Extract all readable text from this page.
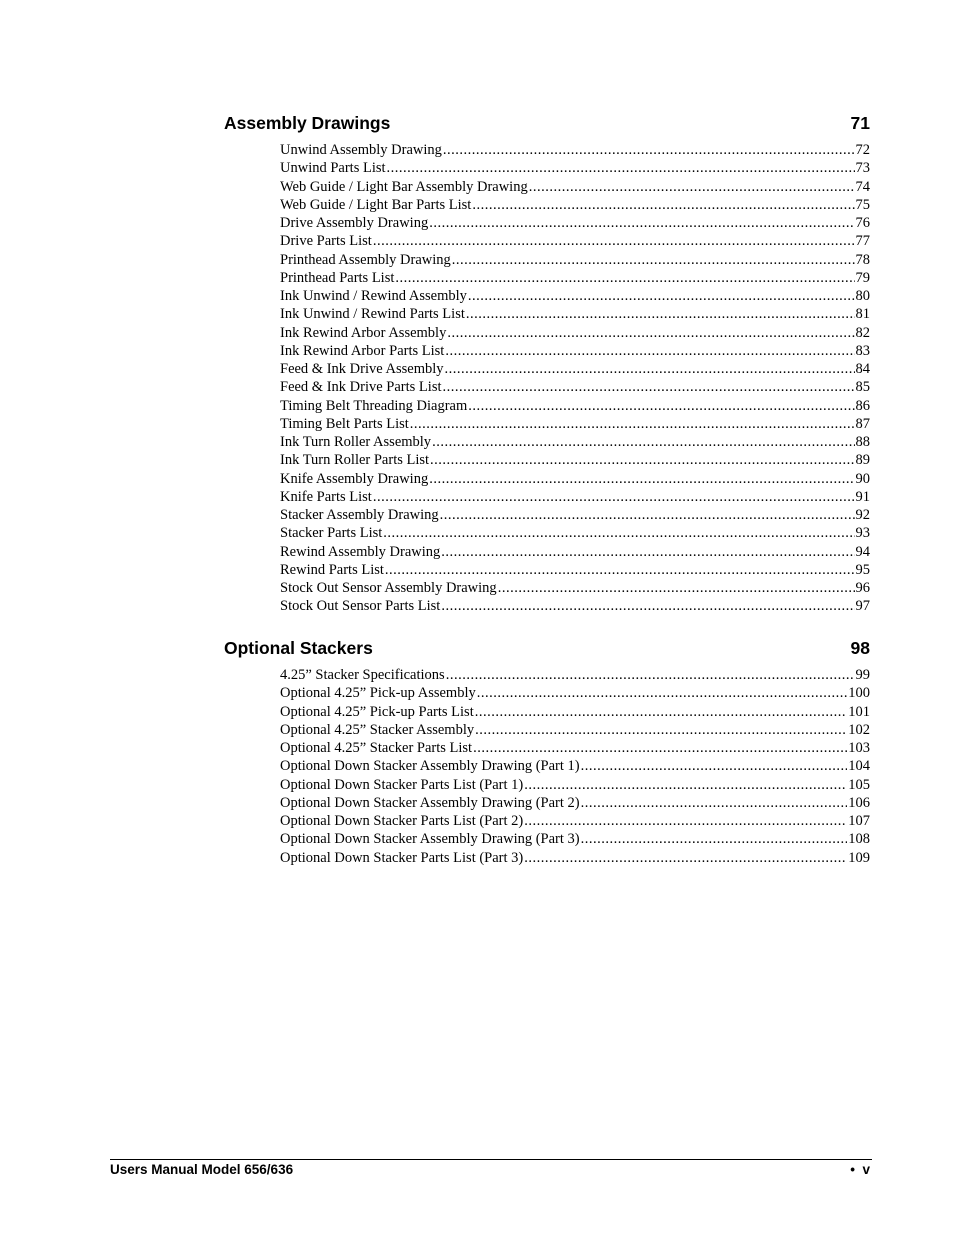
Assembly Drawings	71
Unwind Assembly Drawing .....	72
Unwind Parts List .....	73
Web Guide / Light Bar Assembly Drawing .....	74
Web Guide / Light Bar Parts List .....	75
Drive Assembly Drawing .....	76
Drive Parts List .....	77
Printhead Assembly Drawing .....	78
Printhead Parts List .....	79
Ink Unwind / Rewind Assembly .....	80
Ink Unwind / Rewind Parts List .....	81
Ink Rewind Arbor Assembly .....	82
Ink Rewind Arbor Parts List .....	83
Feed & Ink Drive Assembly .....	84
Feed & Ink Drive Parts List .....	85
Timing Belt Threading Diagram .....	86
Timing Belt Parts List .....	87
Ink Turn Roller Assembly .....	88
Ink Turn Roller Parts List .....	89
Knife Assembly Drawing .....	90
Knife Parts List .....	91
Stacker Assembly Drawing .....	92
Stacker Parts List .....	93
Rewind Assembly Drawing .....	94
Rewind Parts List .....	95
Stock Out Sensor Assembly Drawing .....	96
Stock Out Sensor Parts List .....	97
Optional Stackers	98
4.25” Stacker Specifications .....	99
Optional 4.25” Pick-up Assembly .....	100
Optional 4.25” Pick-up Parts List .....	101
Optional 4.25” Stacker Assembly .....	102
Optional 4.25” Stacker Parts List .....	103
Optional Down Stacker Assembly Drawing (Part 1) .....	104
Optional Down Stacker Parts List (Part 1) .....	105
Optional Down Stacker Assembly Drawing (Part 2) .....	106
Optional Down Stacker Parts List (Part 2) .....	107
Optional Down Stacker Assembly Drawing (Part 3) .....	108
Optional Down Stacker Parts List (Part 3) .....	109
Users Manual Model 656/636	• v
